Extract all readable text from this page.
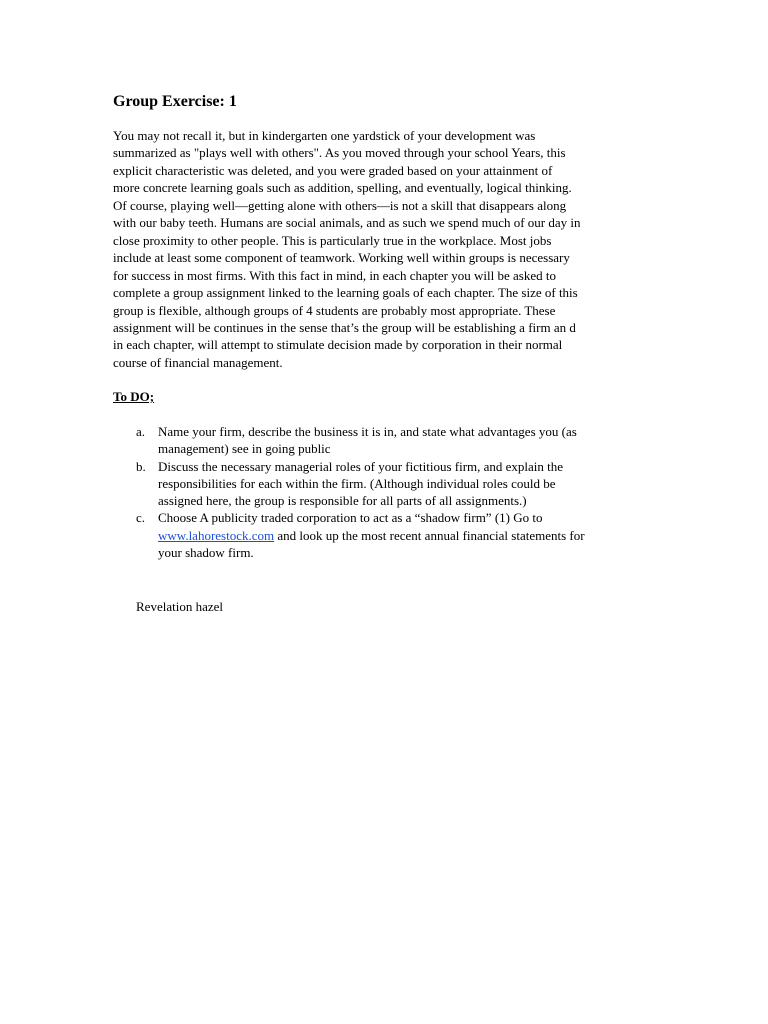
Group Exercise: 1
You may not recall it, but in kindergarten one yardstick of your development was
summarized as "plays well with others". As you moved through your school Years, this
explicit characteristic was deleted, and you were graded based on your attainment of
more concrete learning goals such as addition, spelling, and eventually, logical thinking.
Of course, playing well—getting alone with others—is not a skill that disappears along
with our baby teeth. Humans are social animals, and as such we spend much of our day in
close proximity to other people. This is particularly true in the workplace. Most jobs
include at least some component of teamwork. Working well within groups is necessary
for success in most firms. With this fact in mind, in each chapter you will be asked to
complete a group assignment linked to the learning goals of each chapter. The size of this
group is flexible, although groups of 4 students are probably most appropriate. These
assignment will be continues in the sense that’s the group will be establishing a firm an d
in each chapter, will attempt to stimulate decision made by corporation in their normal
course of financial management.
To DO;
a. Name your firm, describe the business it is in, and state what advantages you (as
management) see in going public
b. Discuss the necessary managerial roles of your fictitious firm, and explain the
responsibilities for each within the firm. (Although individual roles could be
assigned here, the group is responsible for all parts of all assignments.)
c. Choose A publicity traded corporation to act as a “shadow firm” (1) Go to
www.lahorestock.com and look up the most recent annual financial statements for
your shadow firm.
Revelation hazel
